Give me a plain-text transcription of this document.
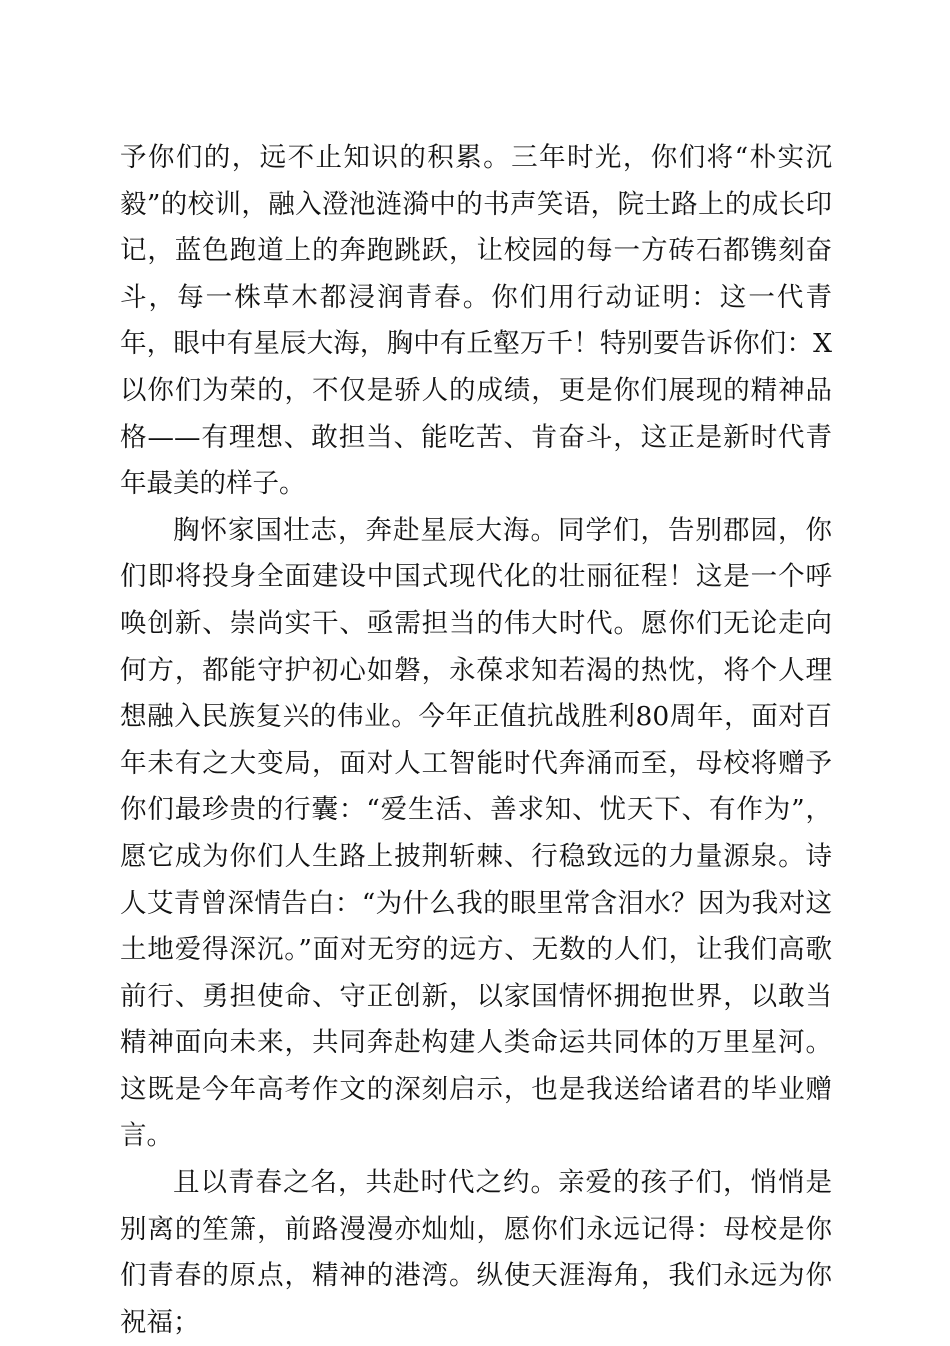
予你们的，远不止知识的积累。三年时光，你们将“朴实沉毅”的校训，融入澄池涟漪中的书声笑语，院士路上的成长印记，蓝色跑道上的奔跑跳跃，让校园的每一方砖石都镌刻奋斗，每一株草木都浸润青春。你们用行动证明：这一代青年，眼中有星辰大海，胸中有丘壑万千！特别要告诉你们：X以你们为荣的，不仅是骄人的成绩，更是你们展现的精神品格——有理想、敢担当、能吃苦、肯奋斗，这正是新时代青年最美的样子。

胸怀家国壮志，奔赴星辰大海。同学们，告别郡园，你们即将投身全面建设中国式现代化的壮丽征程！这是一个呼唤创新、崇尚实干、亟需担当的伟大时代。愿你们无论走向何方，都能守护初心如磐，永葆求知若渴的热忱，将个人理想融入民族复兴的伟业。今年正值抗战胜利80周年，面对百年未有之大变局，面对人工智能时代奔涌而至，母校将赠予你们最珍贵的行囊：“爱生活、善求知、忧天下、有作为”，愿它成为你们人生路上披荆斩棘、行稳致远的力量源泉。诗人艾青曾深情告白：“为什么我的眼里常含泪水？因为我对这土地爱得深沉。”面对无穷的远方、无数的人们，让我们高歌前行、勇担使命、守正创新，以家国情怀拥抱世界，以敢当精神面向未来，共同奔赴构建人类命运共同体的万里星河。这既是今年高考作文的深刻启示，也是我送给诸君的毕业赠言。

且以青春之名，共赴时代之约。亲爱的孩子们，悄悄是别离的笙箫，前路漫漫亦灿灿，愿你们永远记得：母校是你们青春的原点，精神的港湾。纵使天涯海角，我们永远为你祝福；
